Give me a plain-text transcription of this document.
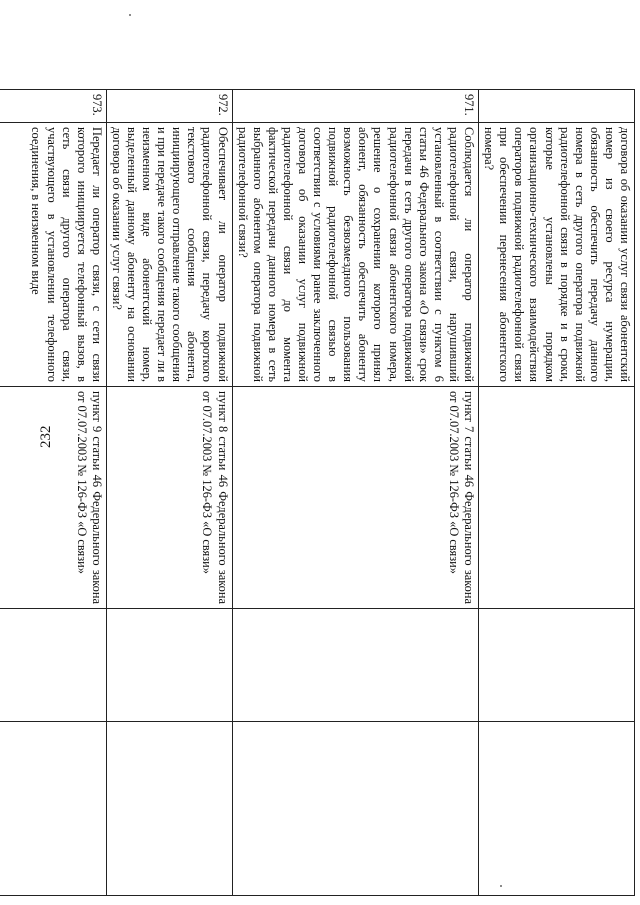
232
	договора об оказании услуг связи абонентский номер из своего ресурса нумерации, обязанность обеспечить передачу данного номера в сеть другого оператора подвижной радиотелефонной связи в порядке и в сроки, которые установлены порядком организационно-технического взаимодействия операторов подвижной радиотелефонной связи при обеспечении перенесения абонентского номера?			
971.	Соблюдается ли оператор подвижной радиотелефонной связи, нарушивший установленный в соответствии с пунктом 6 статьи 46 Федерального закона «О связи» срок передачи в сеть другого оператора подвижной радиотелефонной связи абонентского номера, решение о сохранении которого принял абонент, обязанность обеспечить абоненту возможность безвозмездного пользования подвижной радиотелефонной связью в соответствии с условиями ранее заключенного договора об оказании услуг подвижной радиотелефонной связи до момента фактической передачи данного номера в сеть выбранного абонентом оператора подвижной радиотелефонной связи?	пункт 7 статьи 46 Федерального закона от 07.07.2003 № 126-ФЗ «О связи»		
972.	Обеспечивает ли оператор подвижной радиотелефонной связи, передачу короткого текстового сообщения абонента, инициирующего отправление такого сообщения и при передаче такого сообщения передает ли в неизменном виде абонентский номер, выделенный данному абоненту на основании договора об оказании услуг связи?	пункт 8 статьи 46 Федерального закона от 07.07.2003 № 126-ФЗ «О связи»		
973.	Передает ли оператор связи, с сети связи которого инициируется телефонный вызов, в сеть связи другого оператора связи, участвующего в установлении телефонного соединения, в неизменном виде	пункт 9 статьи 46 Федерального закона от 07.07.2003 № 126-ФЗ «О связи»		
